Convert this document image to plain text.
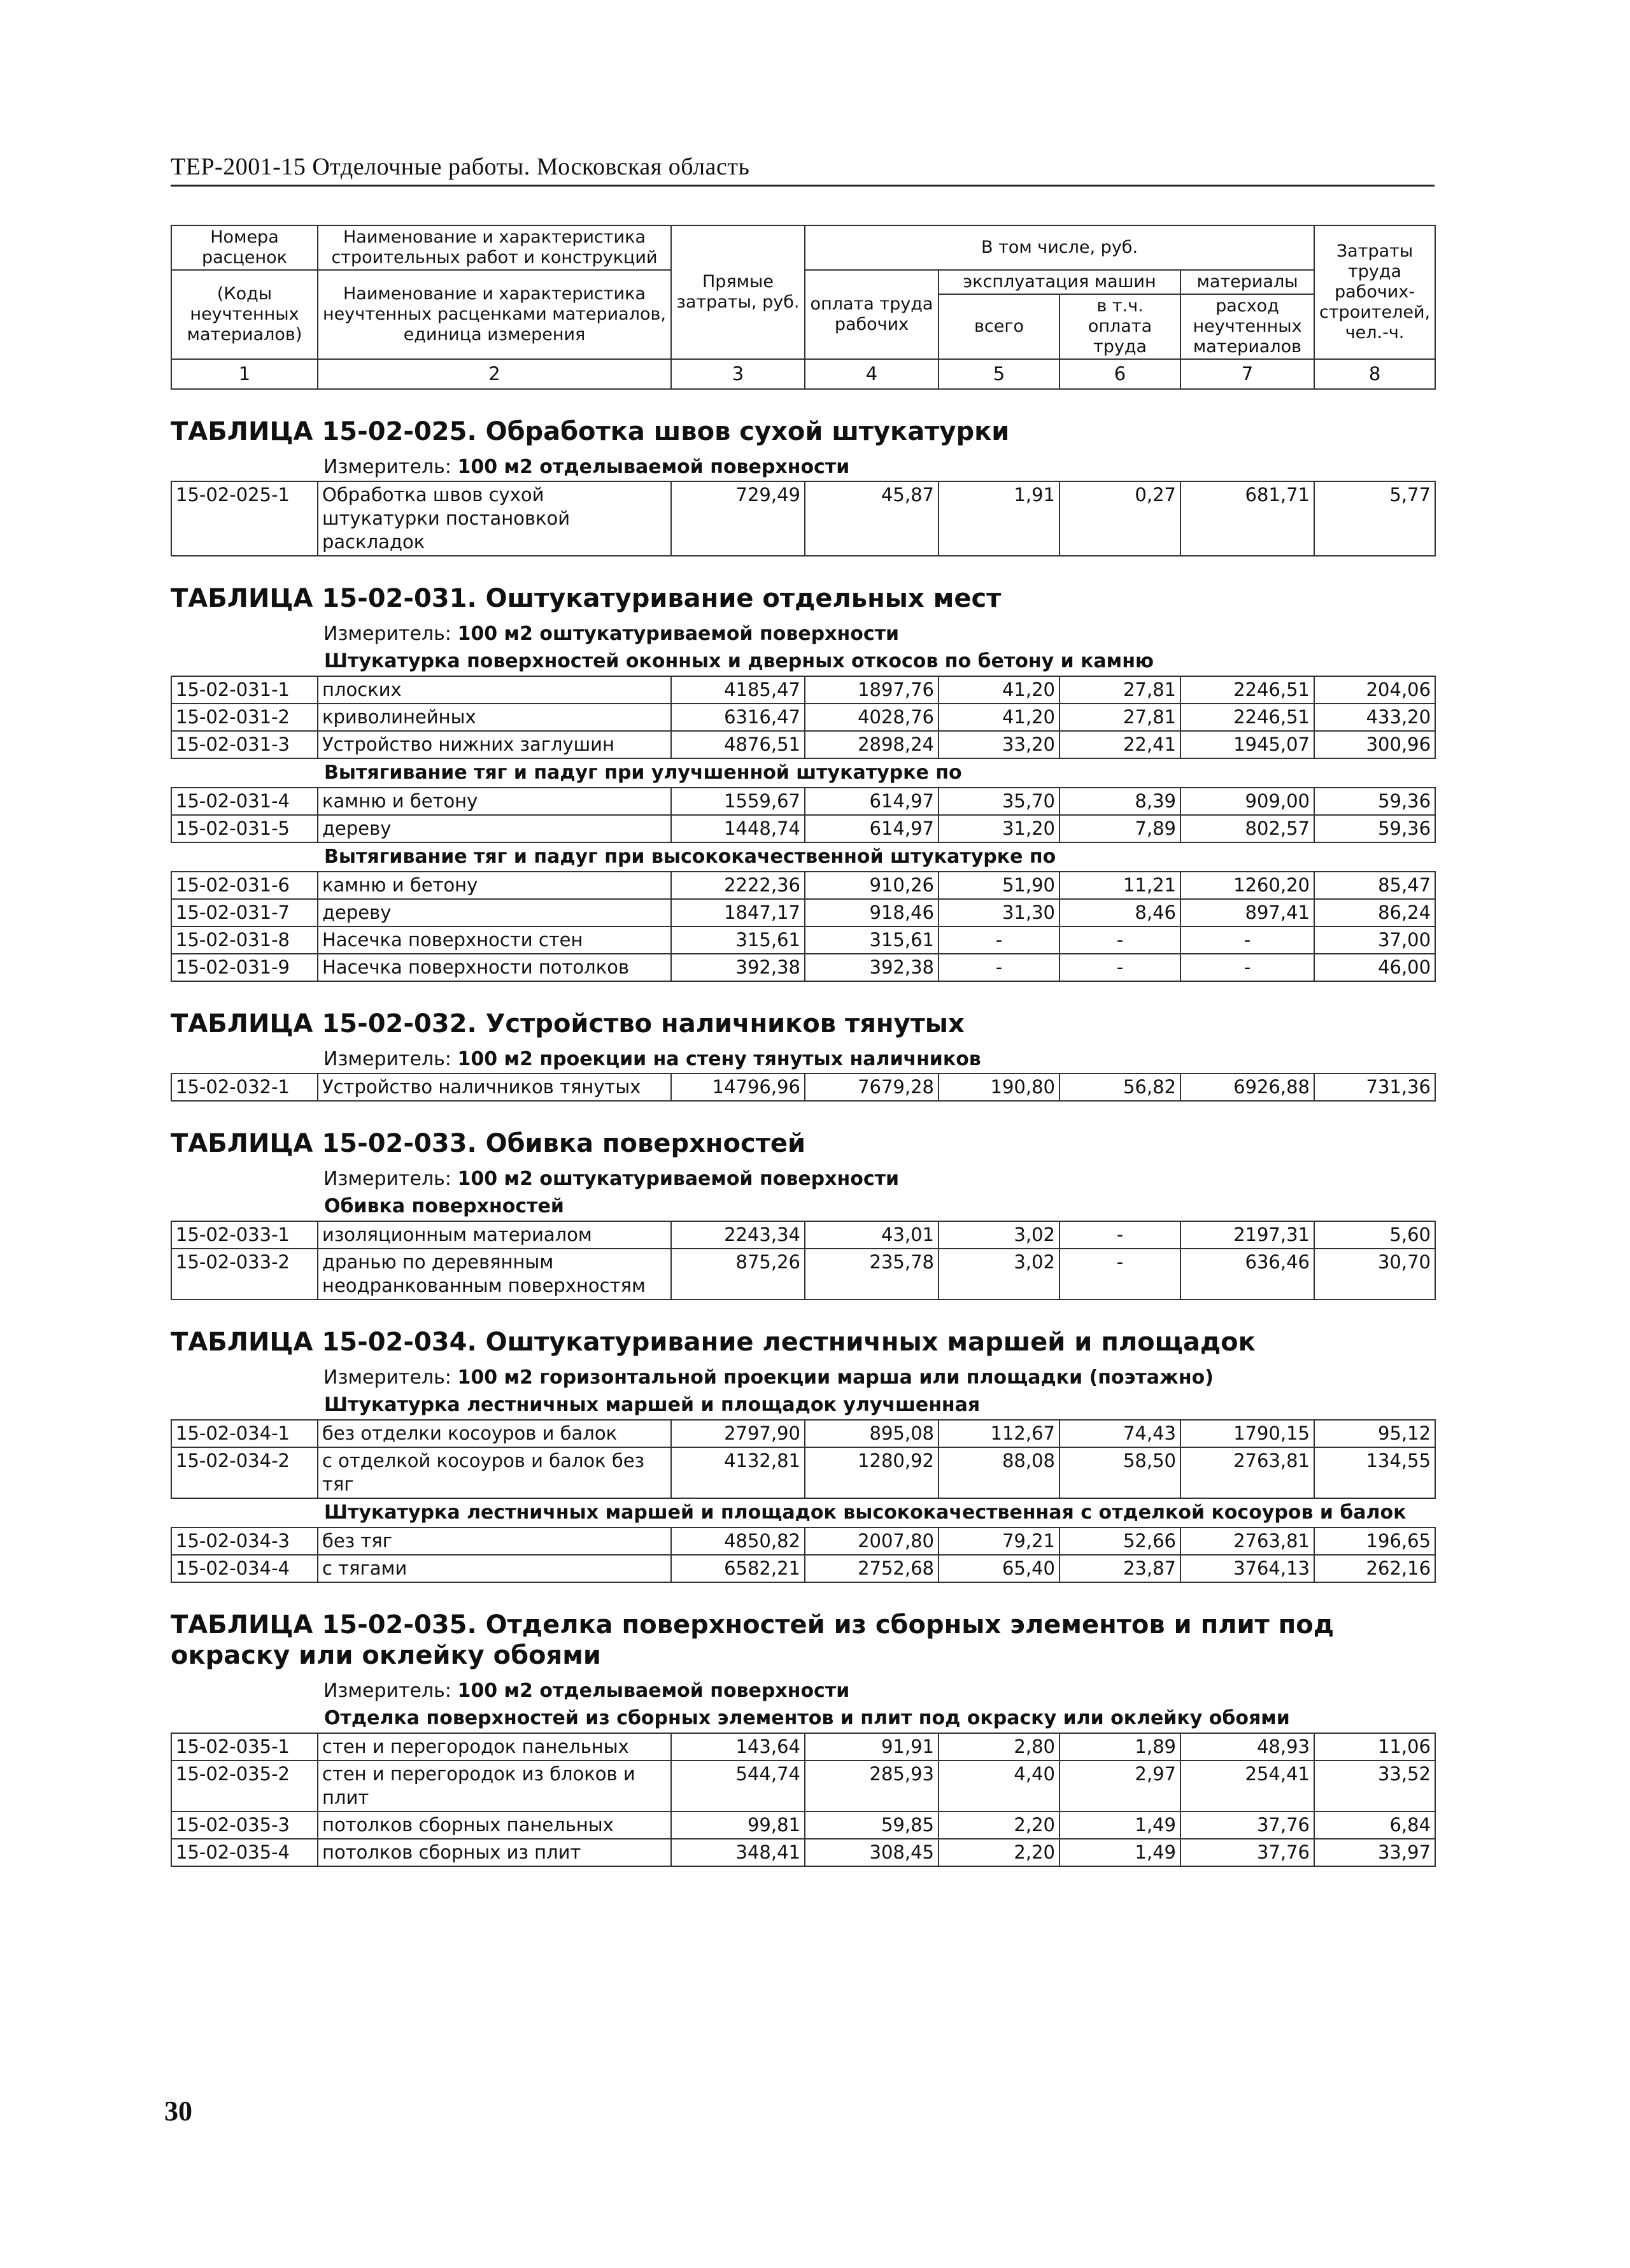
ТЕР-2001-15 Отделочные работы. Московская область
Номера расценок	Наименование и характеристика строительных работ и конструкций	Прямые затраты, руб.	В том числе, руб.				Затраты труда рабочих-строителей, чел.-ч.
(Коды неучтенных материалов)	Наименование и характеристика неучтенных расценками материалов, единица измерения		оплата труда рабочих	эксплуатация машин		материалы	
				всего	в т.ч. оплата труда	расход неучтенных материалов	
1	2	3	4	5	6	7	8
ТАБЛИЦА 15-02-025. Обработка швов сухой штукатурки
Измеритель: 100 м2 отделываемой поверхности
15-02-025-1	Обработка швов сухой штукатурки постановкой раскладок	729,49	45,87	1,91	0,27	681,71	5,77
ТАБЛИЦА 15-02-031. Оштукатуривание отдельных мест
Измеритель: 100 м2 оштукатуриваемой поверхности
Штукатурка поверхностей оконных и дверных откосов по бетону и камню							
15-02-031-1	плоских	4185,47	1897,76	41,20	27,81	2246,51	204,06
15-02-031-2	криволинейных	6316,47	4028,76	41,20	27,81	2246,51	433,20
15-02-031-3	Устройство нижних заглушин	4876,51	2898,24	33,20	22,41	1945,07	300,96
Вытягивание тяг и падуг при улучшенной штукатурке по							
15-02-031-4	камню и бетону	1559,67	614,97	35,70	8,39	909,00	59,36
15-02-031-5	дереву	1448,74	614,97	31,20	7,89	802,57	59,36
Вытягивание тяг и падуг при высококачественной штукатурке по							
15-02-031-6	камню и бетону	2222,36	910,26	51,90	11,21	1260,20	85,47
15-02-031-7	дереву	1847,17	918,46	31,30	8,46	897,41	86,24
15-02-031-8	Насечка поверхности стен	315,61	315,61	-	-	-	37,00
15-02-031-9	Насечка поверхности потолков	392,38	392,38	-	-	-	46,00
ТАБЛИЦА 15-02-032. Устройство наличников тянутых
Измеритель: 100 м2 проекции на стену тянутых наличников
15-02-032-1	Устройство наличников тянутых	14796,96	7679,28	190,80	56,82	6926,88	731,36
ТАБЛИЦА 15-02-033. Обивка поверхностей
Измеритель: 100 м2 оштукатуриваемой поверхности
Обивка поверхностей							
15-02-033-1	изоляционным материалом	2243,34	43,01	3,02	-	2197,31	5,60
15-02-033-2	дранью по деревянным неодранкованным поверхностям	875,26	235,78	3,02	-	636,46	30,70
ТАБЛИЦА 15-02-034. Оштукатуривание лестничных маршей и площадок
Измеритель: 100 м2 горизонтальной проекции марша или площадки (поэтажно)
Штукатурка лестничных маршей и площадок улучшенная							
15-02-034-1	без отделки косоуров и балок	2797,90	895,08	112,67	74,43	1790,15	95,12
15-02-034-2	с отделкой косоуров и балок без тяг	4132,81	1280,92	88,08	58,50	2763,81	134,55
Штукатурка лестничных маршей и площадок высококачественная с отделкой косоуров и балок							
15-02-034-3	без тяг	4850,82	2007,80	79,21	52,66	2763,81	196,65
15-02-034-4	с тягами	6582,21	2752,68	65,40	23,87	3764,13	262,16
ТАБЛИЦА 15-02-035. Отделка поверхностей из сборных элементов и плит под окраску или оклейку обоями
Измеритель: 100 м2 отделываемой поверхности
Отделка поверхностей из сборных элементов и плит под окраску или оклейку обоями							
15-02-035-1	стен и перегородок панельных	143,64	91,91	2,80	1,89	48,93	11,06
15-02-035-2	стен и перегородок из блоков и плит	544,74	285,93	4,40	2,97	254,41	33,52
15-02-035-3	потолков сборных панельных	99,81	59,85	2,20	1,49	37,76	6,84
15-02-035-4	потолков сборных из плит	348,41	308,45	2,20	1,49	37,76	33,97
30
